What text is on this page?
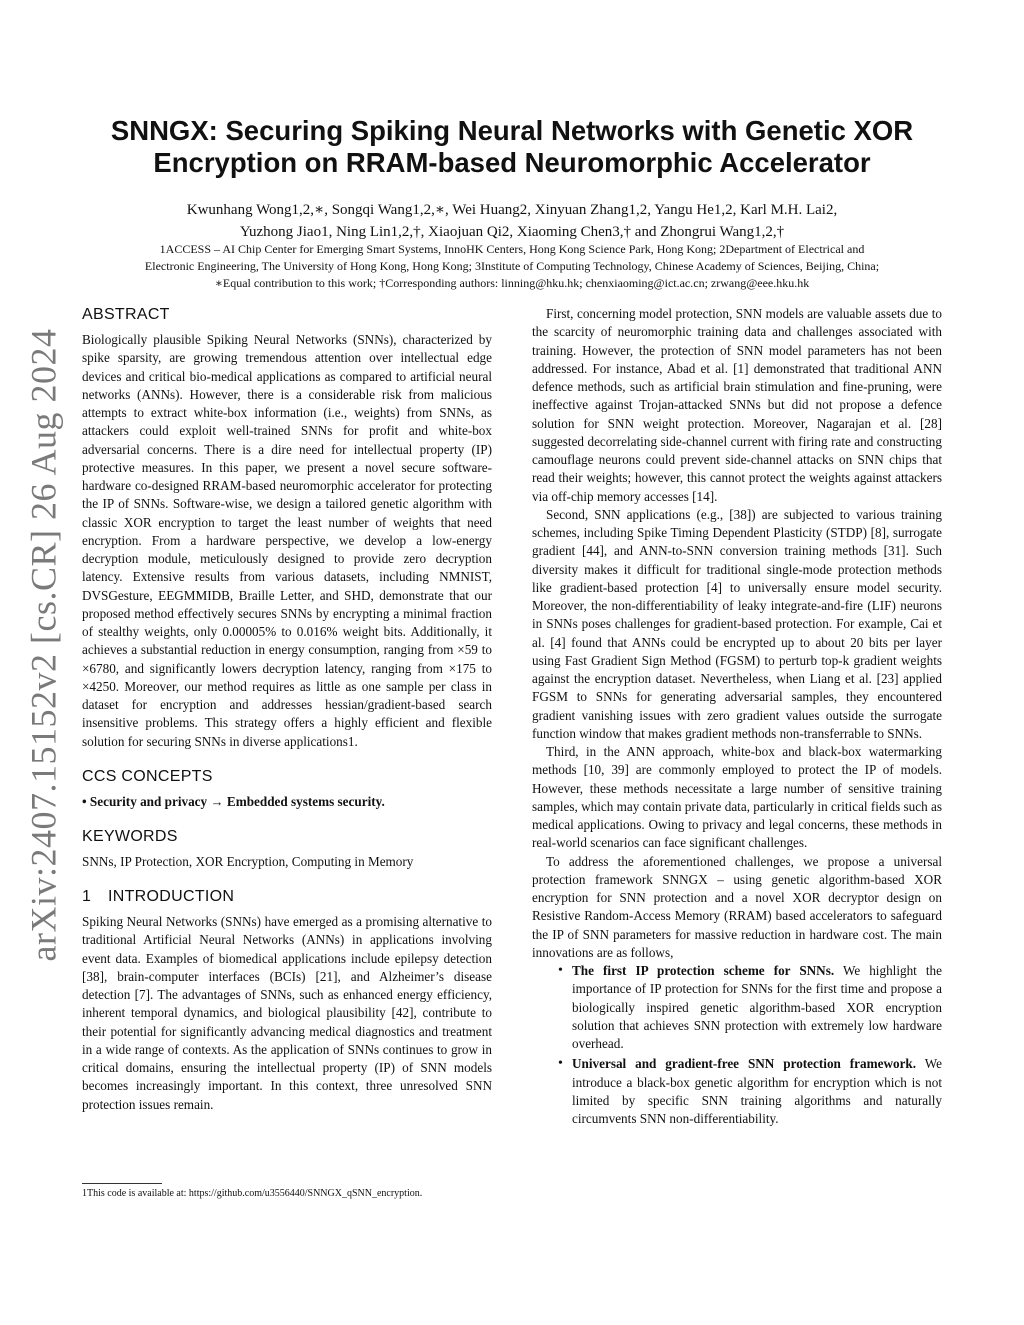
arXiv:2407.15152v2 [cs.CR] 26 Aug 2024
SNNGX: Securing Spiking Neural Networks with Genetic XOR
Encryption on RRAM-based Neuromorphic Accelerator
Kwunhang Wong1,2,∗, Songqi Wang1,2,∗, Wei Huang2, Xinyuan Zhang1,2, Yangu He1,2, Karl M.H. Lai2,
Yuzhong Jiao1, Ning Lin1,2,†, Xiaojuan Qi2, Xiaoming Chen3,† and Zhongrui Wang1,2,†
1ACCESS – AI Chip Center for Emerging Smart Systems, InnoHK Centers, Hong Kong Science Park, Hong Kong; 2Department of Electrical and
Electronic Engineering, The University of Hong Kong, Hong Kong; 3Institute of Computing Technology, Chinese Academy of Sciences, Beijing, China;
∗Equal contribution to this work; †Corresponding authors: linning@hku.hk; chenxiaoming@ict.ac.cn; zrwang@eee.hku.hk
ABSTRACT

Biologically plausible Spiking Neural Networks (SNNs), characterized by spike sparsity, are growing tremendous attention over intellectual edge devices and critical bio-medical applications as compared to artificial neural networks (ANNs). However, there is a considerable risk from malicious attempts to extract white-box information (i.e., weights) from SNNs, as attackers could exploit well-trained SNNs for profit and white-box adversarial concerns. There is a dire need for intellectual property (IP) protective measures. In this paper, we present a novel secure software-hardware co-designed RRAM-based neuromorphic accelerator for protecting the IP of SNNs. Software-wise, we design a tailored genetic algorithm with classic XOR encryption to target the least number of weights that need encryption. From a hardware perspective, we develop a low-energy decryption module, meticulously designed to provide zero decryption latency. Extensive results from various datasets, including NMNIST, DVSGesture, EEGMMIDB, Braille Letter, and SHD, demonstrate that our proposed method effectively secures SNNs by encrypting a minimal fraction of stealthy weights, only 0.00005% to 0.016% weight bits. Additionally, it achieves a substantial reduction in energy consumption, ranging from ×59 to ×6780, and significantly lowers decryption latency, ranging from ×175 to ×4250. Moreover, our method requires as little as one sample per class in dataset for encryption and addresses hessian/gradient-based search insensitive problems. This strategy offers a highly efficient and flexible solution for securing SNNs in diverse applications1.

CCS CONCEPTS
• Security and privacy → Embedded systems security.
KEYWORDS

SNNs, IP Protection, XOR Encryption, Computing in Memory

1 INTRODUCTION

Spiking Neural Networks (SNNs) have emerged as a promising alternative to traditional Artificial Neural Networks (ANNs) in applications involving event data. Examples of biomedical applications include epilepsy detection [38], brain-computer interfaces (BCIs) [21], and Alzheimer’s disease detection [7]. The advantages of SNNs, such as enhanced energy efficiency, inherent temporal dynamics, and biological plausibility [42], contribute to their potential for significantly advancing medical diagnostics and treatment in a wide range of contexts. As the application of SNNs continues to grow in critical domains, ensuring the intellectual property (IP) of SNN models becomes increasingly important. In this context, three unresolved SNN protection issues remain.

1This code is available at: https://github.com/u3556440/SNNGX_qSNN_encryption.

First, concerning model protection, SNN models are valuable assets due to the scarcity of neuromorphic training data and challenges associated with training. However, the protection of SNN model parameters has not been addressed. For instance, Abad et al. [1] demonstrated that traditional ANN defence methods, such as artificial brain stimulation and fine-pruning, were ineffective against Trojan-attacked SNNs but did not propose a defence solution for SNN weight protection. Moreover, Nagarajan et al. [28] suggested decorrelating side-channel current with firing rate and constructing camouflage neurons could prevent side-channel attacks on SNN chips that read their weights; however, this cannot protect the weights against attackers via off-chip memory accesses [14].

Second, SNN applications (e.g., [38]) are subjected to various training schemes, including Spike Timing Dependent Plasticity (STDP) [8], surrogate gradient [44], and ANN-to-SNN conversion training methods [31]. Such diversity makes it difficult for traditional single-mode protection methods like gradient-based protection [4] to universally ensure model security. Moreover, the non-differentiability of leaky integrate-and-fire (LIF) neurons in SNNs poses challenges for gradient-based protection. For example, Cai et al. [4] found that ANNs could be encrypted up to about 20 bits per layer using Fast Gradient Sign Method (FGSM) to perturb top-k gradient weights against the encryption dataset. Nevertheless, when Liang et al. [23] applied FGSM to SNNs for generating adversarial samples, they encountered gradient vanishing issues with zero gradient values outside the surrogate function window that makes gradient methods non-transferrable to SNNs.

Third, in the ANN approach, white-box and black-box watermarking methods [10, 39] are commonly employed to protect the IP of models. However, these methods necessitate a large number of sensitive training samples, which may contain private data, particularly in critical fields such as medical applications. Owing to privacy and legal concerns, these methods in real-world scenarios can face significant challenges.

To address the aforementioned challenges, we propose a universal protection framework SNNGX – using genetic algorithm-based XOR encryption for SNN protection and a novel XOR decryptor design on Resistive Random-Access Memory (RRAM) based accelerators to safeguard the IP of SNN parameters for massive reduction in hardware cost. The main innovations are as follows,

• The first IP protection scheme for SNNs. We highlight the importance of IP protection for SNNs for the first time and propose a biologically inspired genetic algorithm-based XOR encryption solution that achieves SNN protection with extremely low hardware overhead.
• Universal and gradient-free SNN protection framework. We introduce a black-box genetic algorithm for encryption which is not limited by specific SNN training algorithms and naturally circumvents SNN non-differentiability.
